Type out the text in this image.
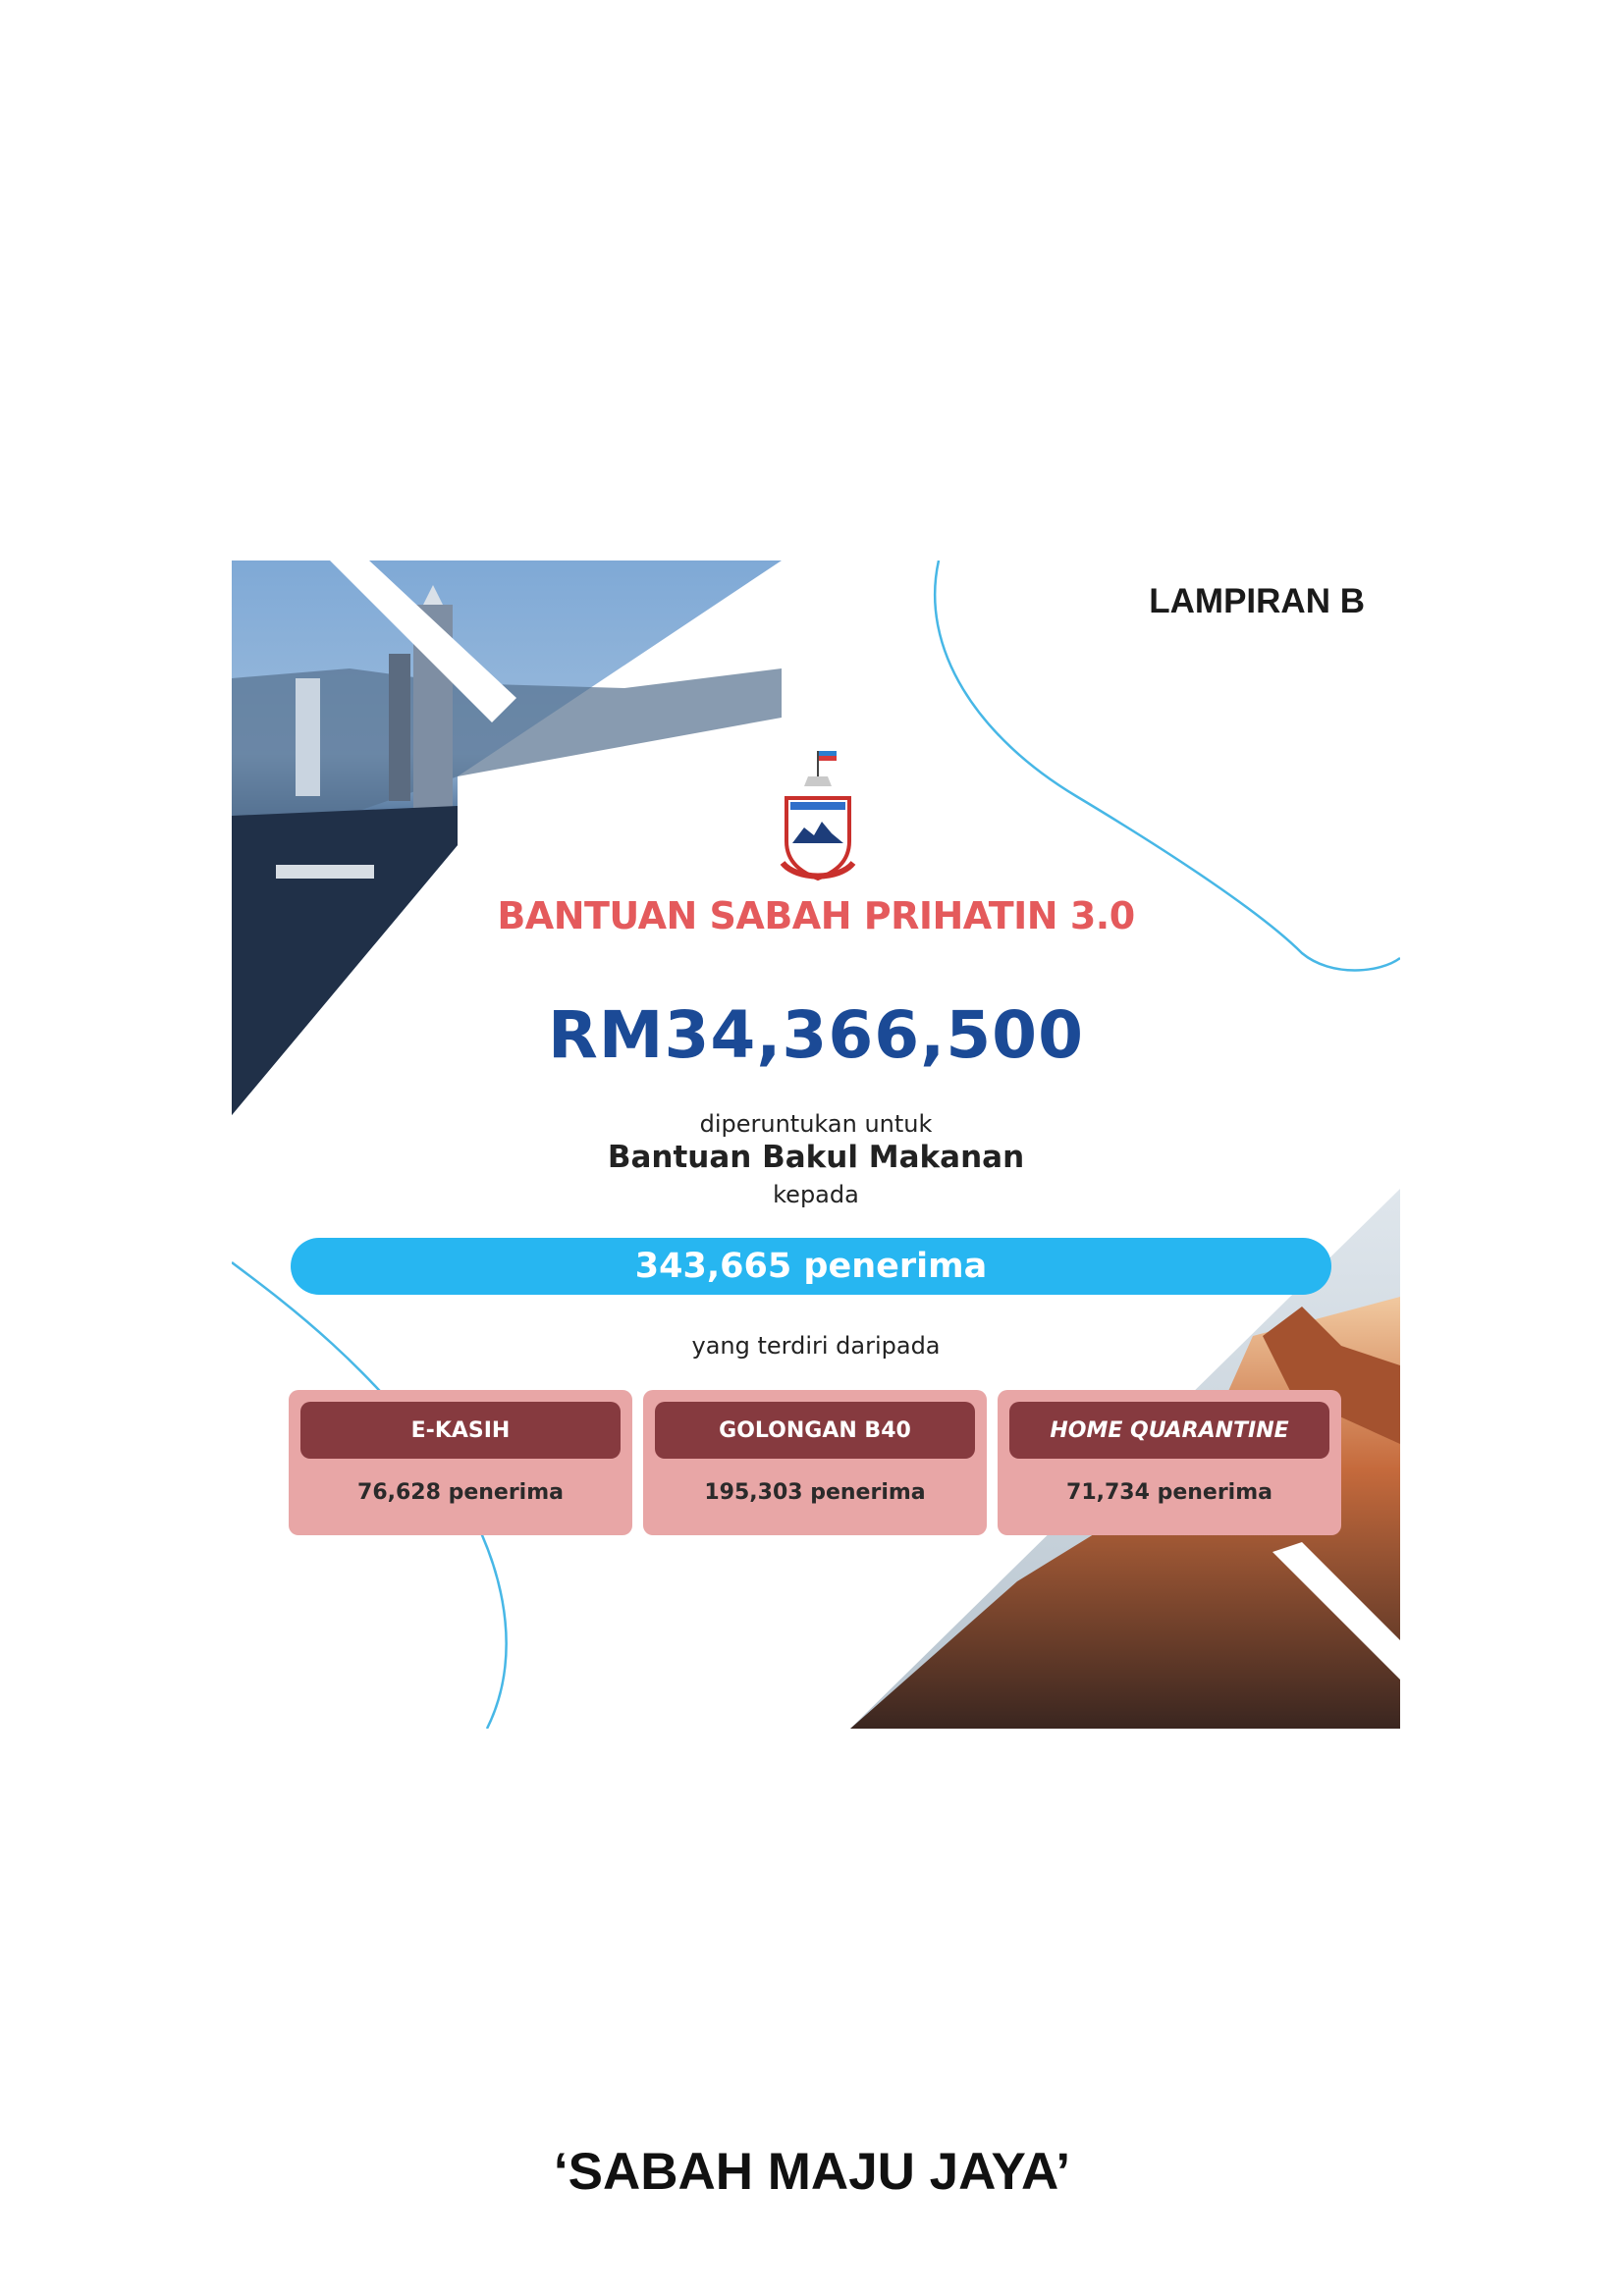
LAMPIRAN B
BANTUAN SABAH PRIHATIN 3.0
RM34,366,500
diperuntukan untuk
Bantuan Bakul Makanan
kepada
343,665 penerima
yang terdiri daripada
E-KASIH
76,628 penerima
GOLONGAN B40
195,303 penerima
HOME QUARANTINE
71,734 penerima
‘SABAH MAJU JAYA’
